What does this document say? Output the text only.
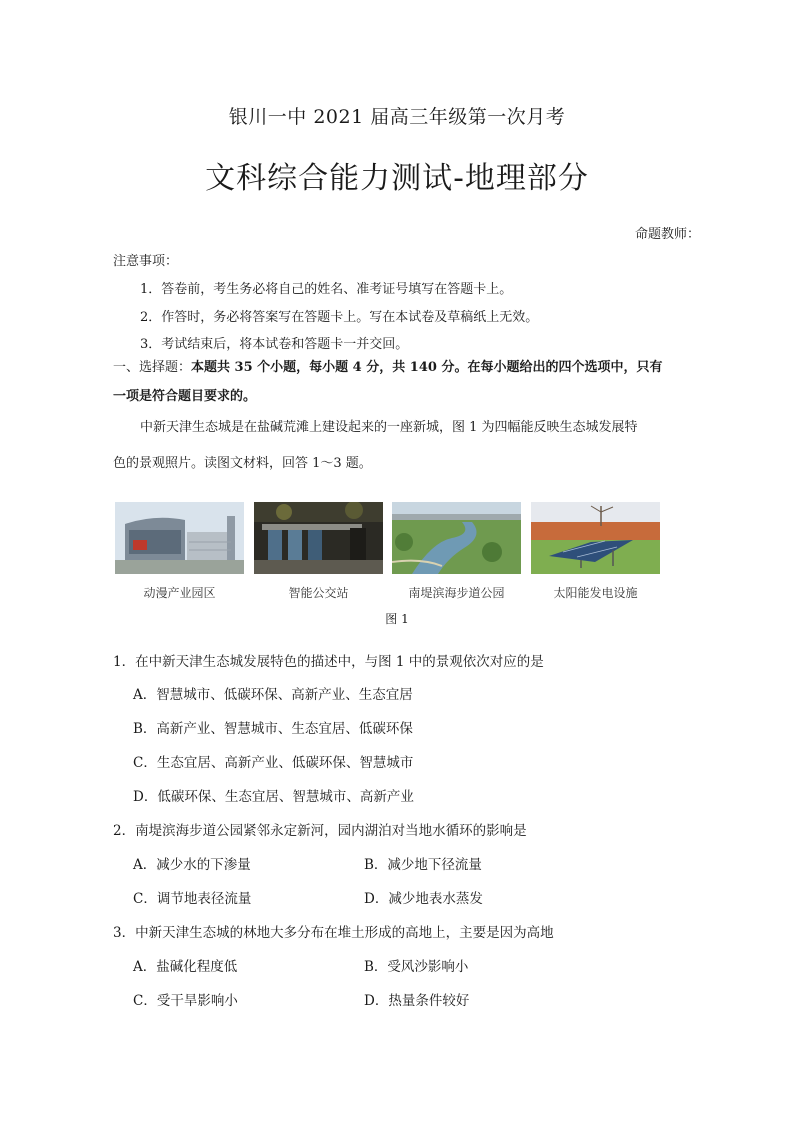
银川一中 2021 届高三年级第一次月考
文科综合能力测试-地理部分
命题教师：
注意事项：
1．答卷前，考生务必将自己的姓名、准考证号填写在答题卡上。
2．作答时，务必将答案写在答题卡上。写在本试卷及草稿纸上无效。
3．考试结束后，将本试卷和答题卡一并交回。
一、选择题：本题共 35 个小题，每小题 4 分，共 140 分。在每小题给出的四个选项中，只有
一项是符合题目要求的。
中新天津生态城是在盐碱荒滩上建设起来的一座新城，图 1 为四幅能反映生态城发展特
色的景观照片。读图文材料，回答 1～3 题。
动漫产业园区	智能公交站	南堤滨海步道公园	太阳能发电设施
图 1
1．在中新天津生态城发展特色的描述中，与图 1 中的景观依次对应的是
A．智慧城市、低碳环保、高新产业、生态宜居
B．高新产业、智慧城市、生态宜居、低碳环保
C．生态宜居、高新产业、低碳环保、智慧城市
D．低碳环保、生态宜居、智慧城市、高新产业
2．南堤滨海步道公园紧邻永定新河，园内湖泊对当地水循环的影响是
A．减少水的下渗量	B．减少地下径流量
C．调节地表径流量	D．减少地表水蒸发
3．中新天津生态城的林地大多分布在堆土形成的高地上，主要是因为高地
A．盐碱化程度低	B．受风沙影响小
C．受干旱影响小	D．热量条件较好
